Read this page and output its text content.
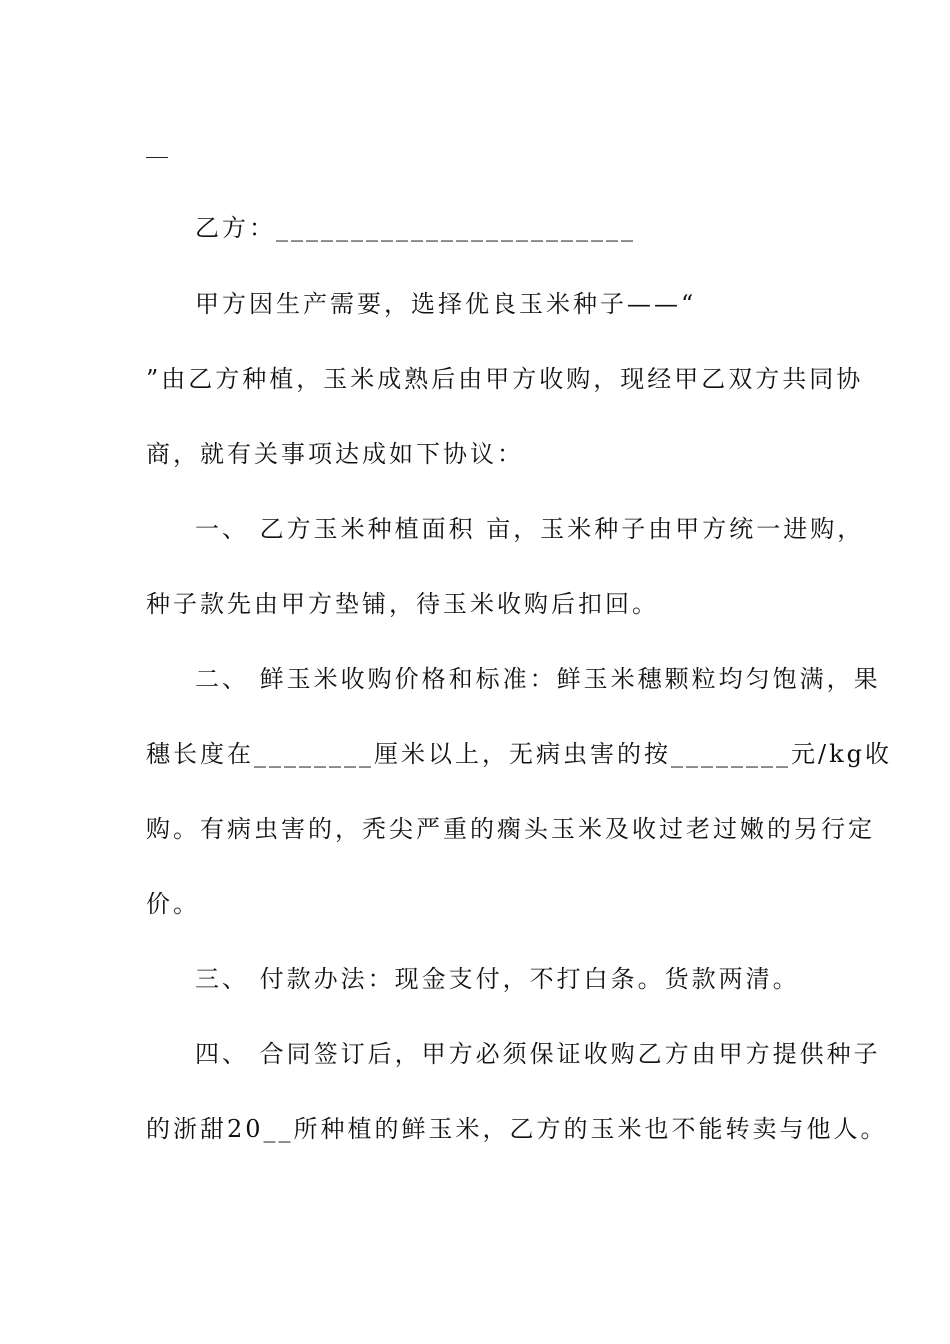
乙方：________________________
甲方因生产需要，选择优良玉米种子——“
”由乙方种植，玉米成熟后由甲方收购，现经甲乙双方共同协
商，就有关事项达成如下协议：
一、 乙方玉米种植面积 亩，玉米种子由甲方统一进购，
种子款先由甲方垫铺，待玉米收购后扣回。
二、 鲜玉米收购价格和标准：鲜玉米穗颗粒均匀饱满，果
穗长度在________厘米以上，无病虫害的按________元/kg收
购。有病虫害的，秃尖严重的瘸头玉米及收过老过嫩的另行定
价。
三、 付款办法：现金支付，不打白条。货款两清。
四、 合同签订后，甲方必须保证收购乙方由甲方提供种子
的浙甜20__所种植的鲜玉米，乙方的玉米也不能转卖与他人。
